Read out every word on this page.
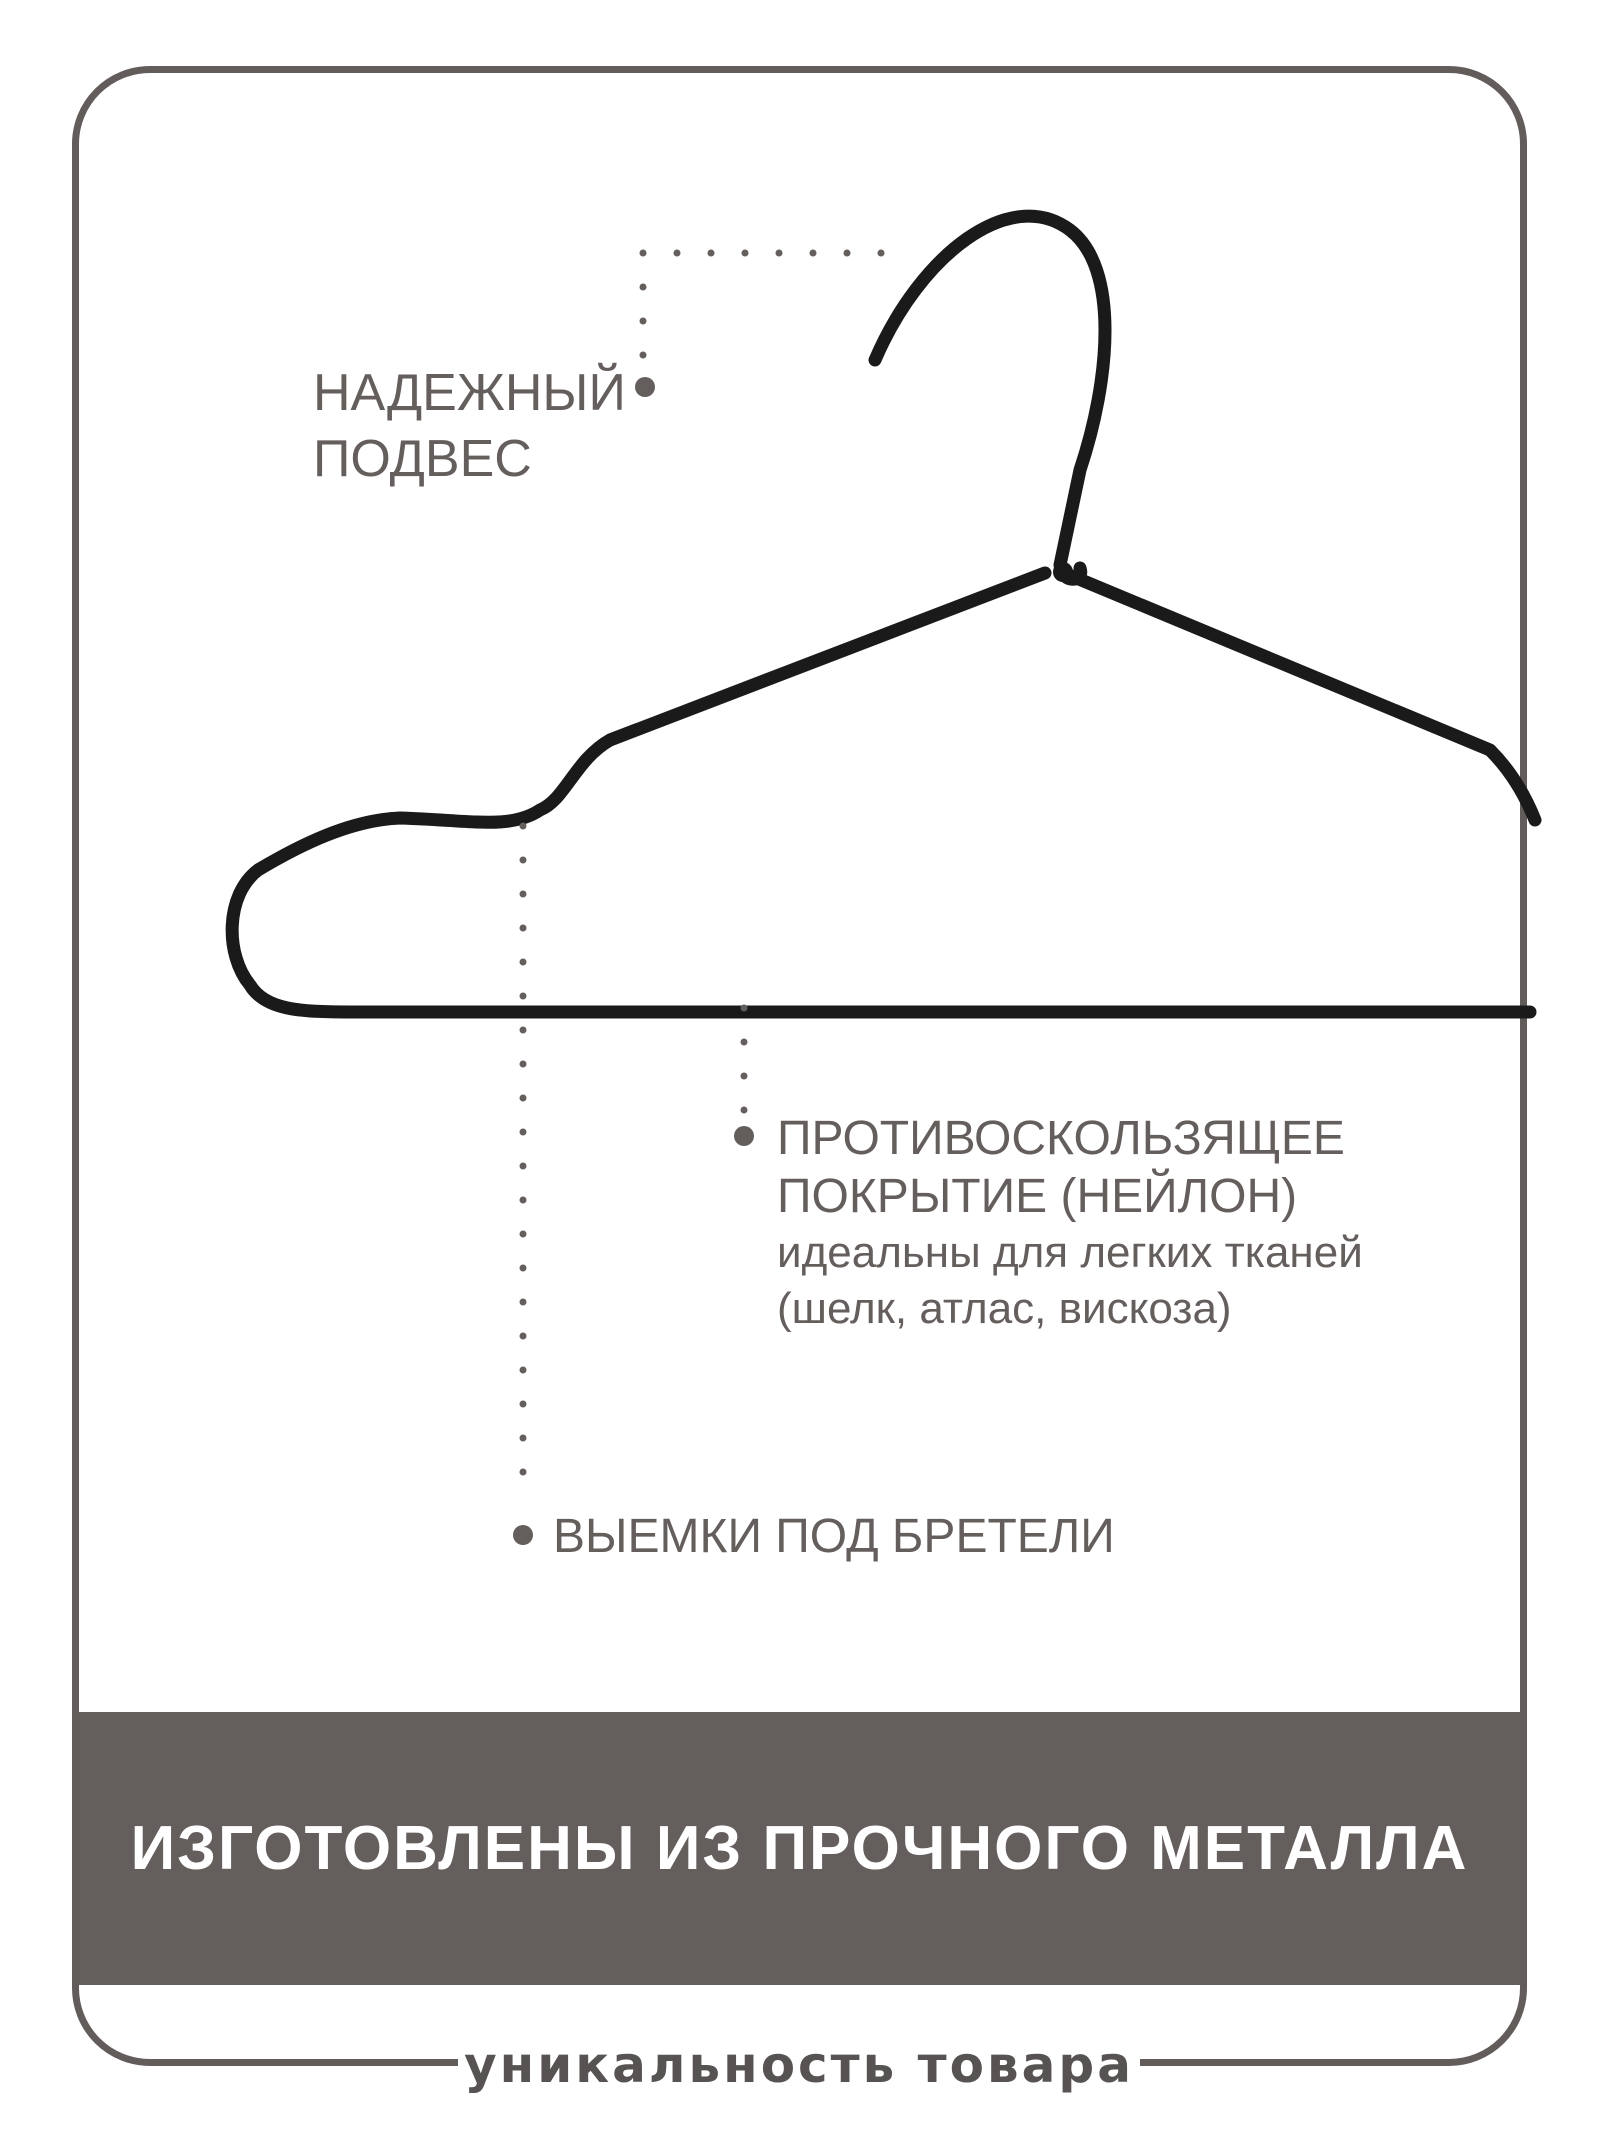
НАДЕЖНЫЙ
ПОДВЕС
ПРОТИВОСКОЛЬЗЯЩЕЕ
ПОКРЫТИЕ (НЕЙЛОН)
идеальны для легких тканей
(шелк, атлас, вискоза)
ВЫЕМКИ ПОД БРЕТЕЛИ
ИЗГОТОВЛЕНЫ ИЗ ПРОЧНОГО МЕТАЛЛА
уникальность товара
